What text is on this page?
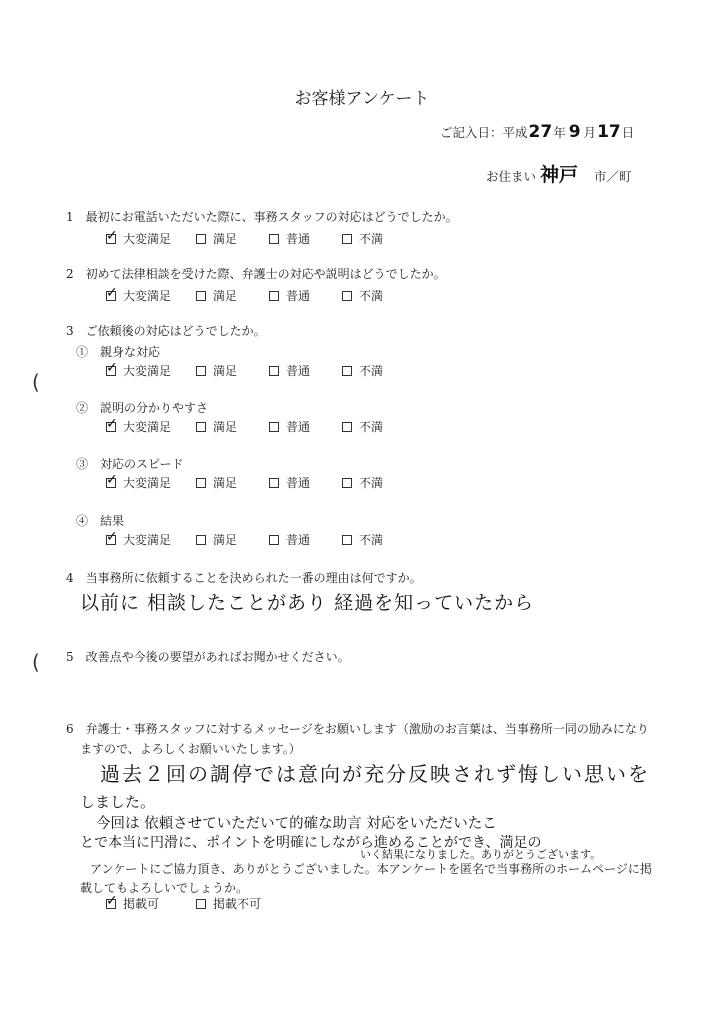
お客様アンケート
ご記入日：平成 27 年 9 月 17 日
お住まい 神戸 市／町
1　最初にお電話いただいた際に、事務スタッフの対応はどうでしたか。
✓
大変満足	満足	普通	不満
2　初めて法律相談を受けた際、弁護士の対応や説明はどうでしたか。
✓
大変満足	満足	普通	不満
3　ご依頼後の対応はどうでしたか。
①　親身な対応
(
✓	大変満足	満足	普通	不満
②　説明の分かりやすさ
✓
大変満足	満足	普通	不満
③　対応のスピード
✓
大変満足	満足	普通	不満
④　結果
✓
大変満足	満足	普通	不満
4　当事務所に依頼することを決められた一番の理由は何ですか。
以前に 相談したことがあり 経過を知っていたから
5　改善点や今後の要望があればお聞かせください。
(
6　弁護士・事務スタッフに対するメッセージをお願いします（激励のお言葉は、当事務所一同の励みになり
ますので、よろしくお願いいたします。）
過去２回の調停では意向が充分反映されず悔しい思いを
しました。
今回は 依頼させていただいて的確な助言 対応をいただいたこ
とで本当に円滑に、ポイントを明確にしながら進めることができ、満足の
いく結果になりました。ありがとうございます。
アンケートにご協力頂き、ありがとうございました。本アンケートを匿名で当事務所のホームページに掲
載してもよろしいでしょうか。
✓
掲載可	掲載不可
